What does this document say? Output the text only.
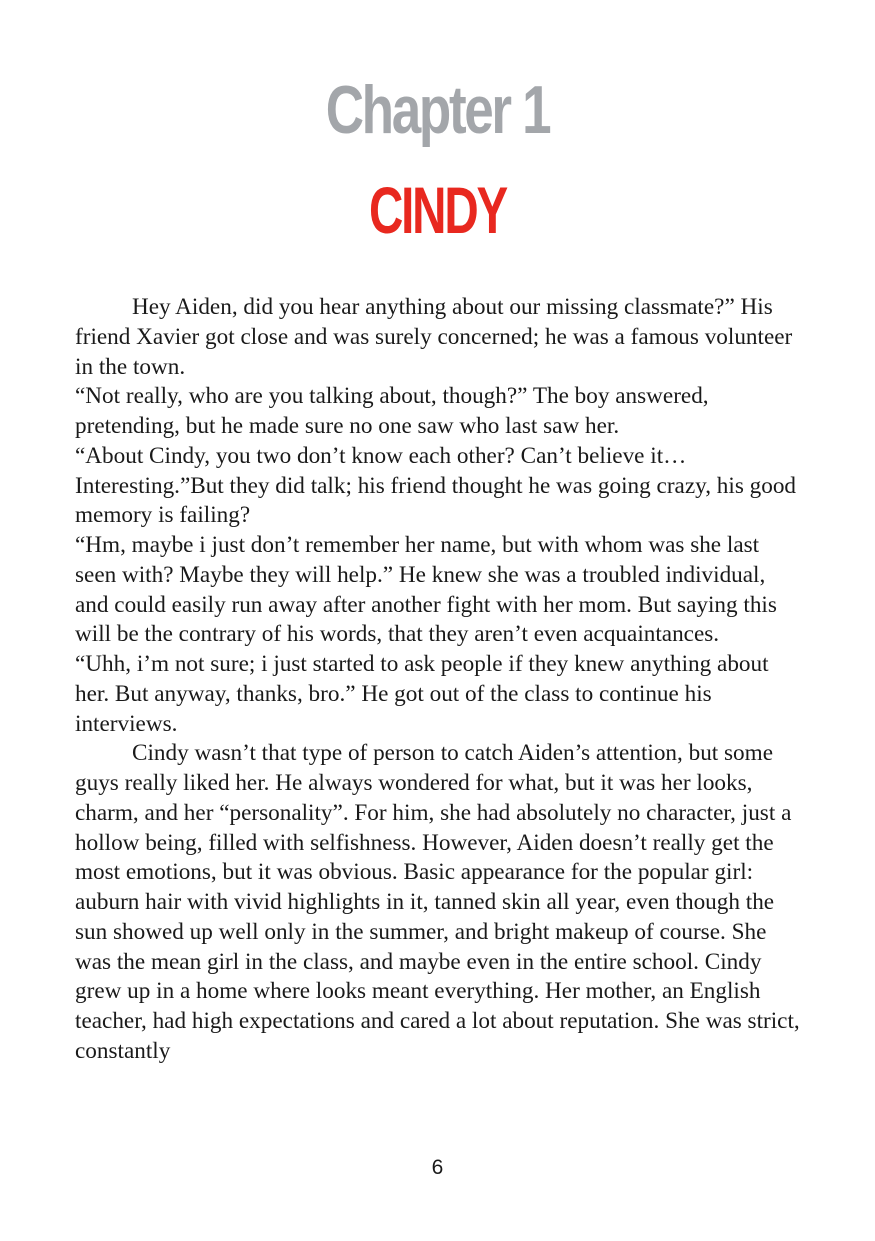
Chapter 1
CINDY

Hey Aiden, did you hear anything about our missing classmate?” His friend Xavier got close and was surely concerned; he was a famous volunteer in the town.

“Not really, who are you talking about, though?” The boy answered, pretending, but he made sure no one saw who last saw her.

“About Cindy, you two don’t know each other? Can’t believe it… Interesting.”But they did talk; his friend thought he was going crazy, his good memory is failing?

“Hm, maybe i just don’t remember her name, but with whom was she last seen with? Maybe they will help.” He knew she was a troubled individual, and could easily run away after another fight with her mom. But saying this will be the contrary of his words, that they aren’t even acquaintances.

“Uhh, i’m not sure; i just started to ask people if they knew anything about her. But anyway, thanks, bro.” He got out of the class to continue his interviews.

Cindy wasn’t that type of person to catch Aiden’s attention, but some guys really liked her. He always wondered for what, but it was her looks, charm, and her “personality”. For him, she had absolutely no character, just a hollow being, filled with selfishness. However, Aiden doesn’t really get the most emotions, but it was obvious. Basic appearance for the popular girl: auburn hair with vivid highlights in it, tanned skin all year, even though the sun showed up well only in the summer, and bright makeup of course. She was the mean girl in the class, and maybe even in the entire school. Cindy grew up in a home where looks meant everything. Her mother, an English teacher, had high expectations and cared a lot about reputation. She was strict, constantly

6
